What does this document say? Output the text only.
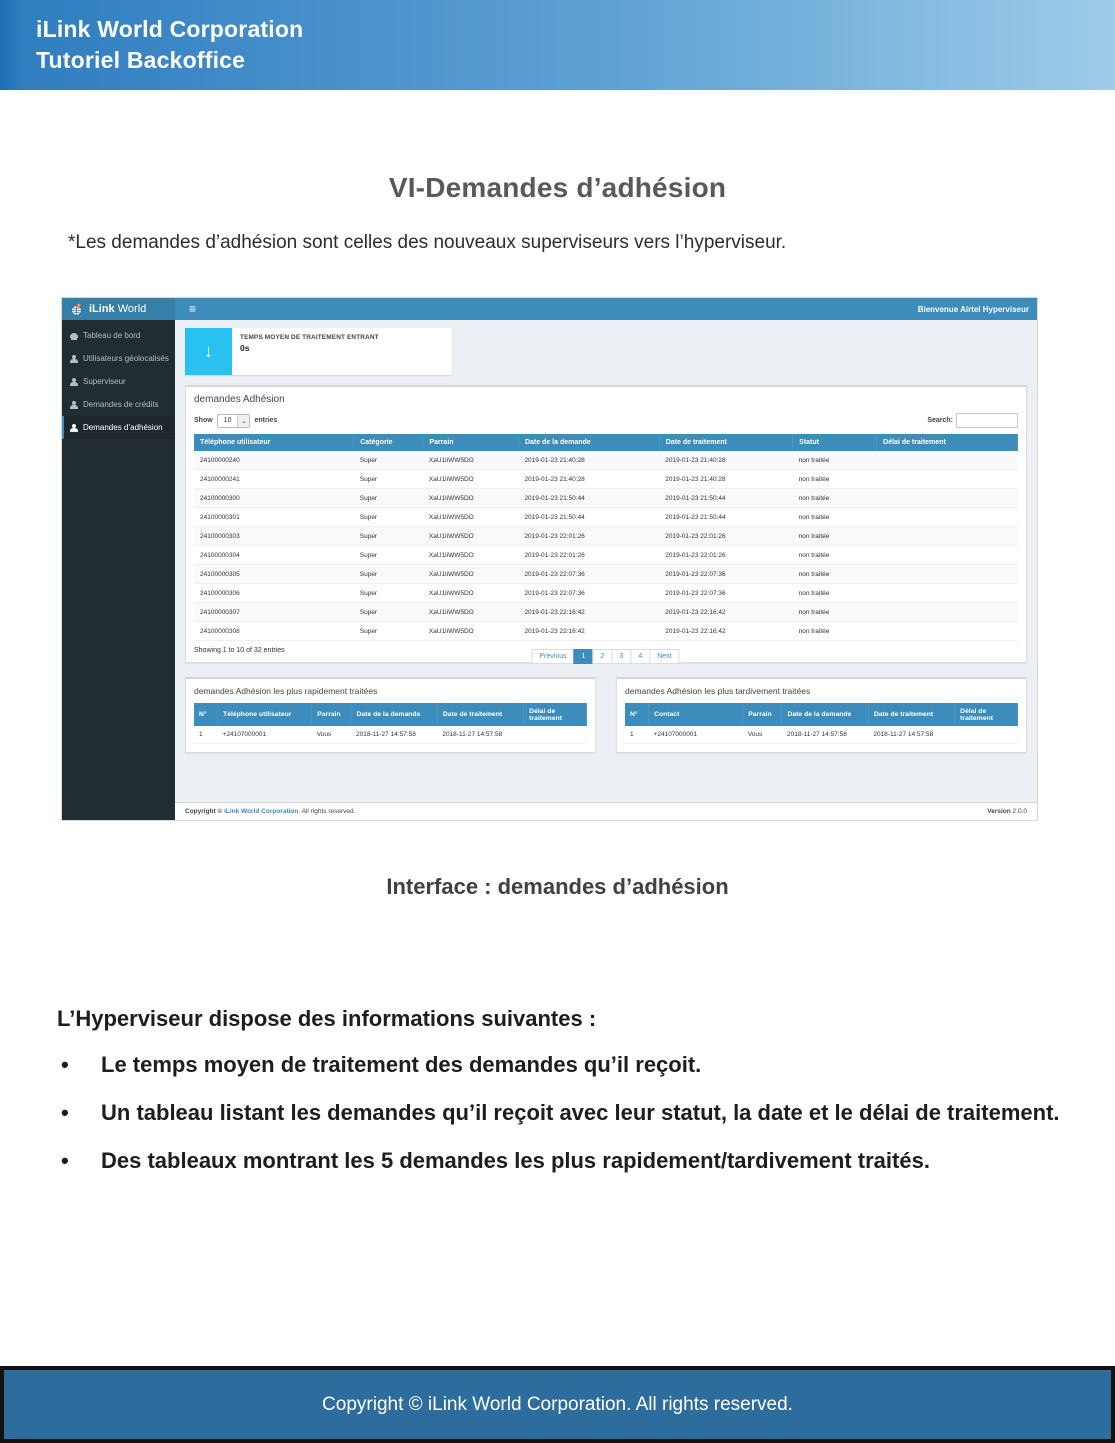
iLink World Corporation
Tutoriel Backoffice
VI-Demandes d’adhésion
*Les demandes d’adhésion sont celles des nouveaux superviseurs vers l’hyperviseur.
iLink World	≡	Bienvenue Airtel Hyperviseur
Tableau de bord
Utilisateurs géolocalisés
Superviseur
Demandes de crédits
Demandes d’adhésion
↓
TEMPS MOYEN DE TRAITEMENT ENTRANT
0s
demandes Adhésion
Show	10	⌄	entries	Search:
Téléphone utilisateur	Catégorie	Parrain	Date de la demande	Date de traitement	Statut	Délai de traitement
24100000240	Super	XaU1liWW5DO	2019-01-23 21:40:28	2019-01-23 21:40:28	non traitée	
24100000241	Super	XaU1liWW5DO	2019-01-23 21:40:28	2019-01-23 21:40:28	non traitée	
24100000300	Super	XaU1liWW5DO	2019-01-23 21:50:44	2019-01-23 21:50:44	non traitée	
24100000301	Super	XaU1liWW5DO	2019-01-23 21:50:44	2019-01-23 21:50:44	non traitée	
24100000303	Super	XaU1liWW5DO	2019-01-23 22:01:26	2019-01-23 22:01:26	non traitée	
24100000304	Super	XaU1liWW5DO	2019-01-23 22:01:26	2019-01-23 22:01:26	non traitée	
24100000305	Super	XaU1liWW5DO	2019-01-23 22:07:36	2019-01-23 22:07:36	non traitée	
24100000306	Super	XaU1liWW5DO	2019-01-23 22:07:36	2019-01-23 22:07:36	non traitée	
24100000307	Super	XaU1liWW5DO	2019-01-23 22:16:42	2019-01-23 22:16:42	non traitée	
24100000308	Super	XaU1liWW5DO	2019-01-23 22:16:42	2019-01-23 22:16:42	non traitée	
Showing 1 to 10 of 32 entries
Previous	1	2	3	4	Next
demandes Adhésion les plus rapidement traitées
N°	Téléphone utilisateur	Parrain	Date de la demande	Date de traitement	Délai de traitement
1	+24107000001	Vous	2018-11-27 14:57:58	2018-11-27 14:57:58	
demandes Adhésion les plus tardivement traitées
N°	Contact	Parrain	Date de la demande	Date de traitement	Délai de traitement
1	+24107000001	Vous	2018-11-27 14:57:58	2018-11-27 14:57:58	
Copyright © iLink World Corporation. All rights reserved.	Version 2.0.0
Interface : demandes d’adhésion
L’Hyperviseur dispose des informations suivantes :
• Le temps moyen de traitement des demandes qu’il reçoit.
• Un tableau listant les demandes qu’il reçoit avec leur statut, la date et le délai de traitement.
• Des tableaux montrant les 5 demandes les plus rapidement/tardivement traités.
Copyright © iLink World Corporation. All rights reserved.
